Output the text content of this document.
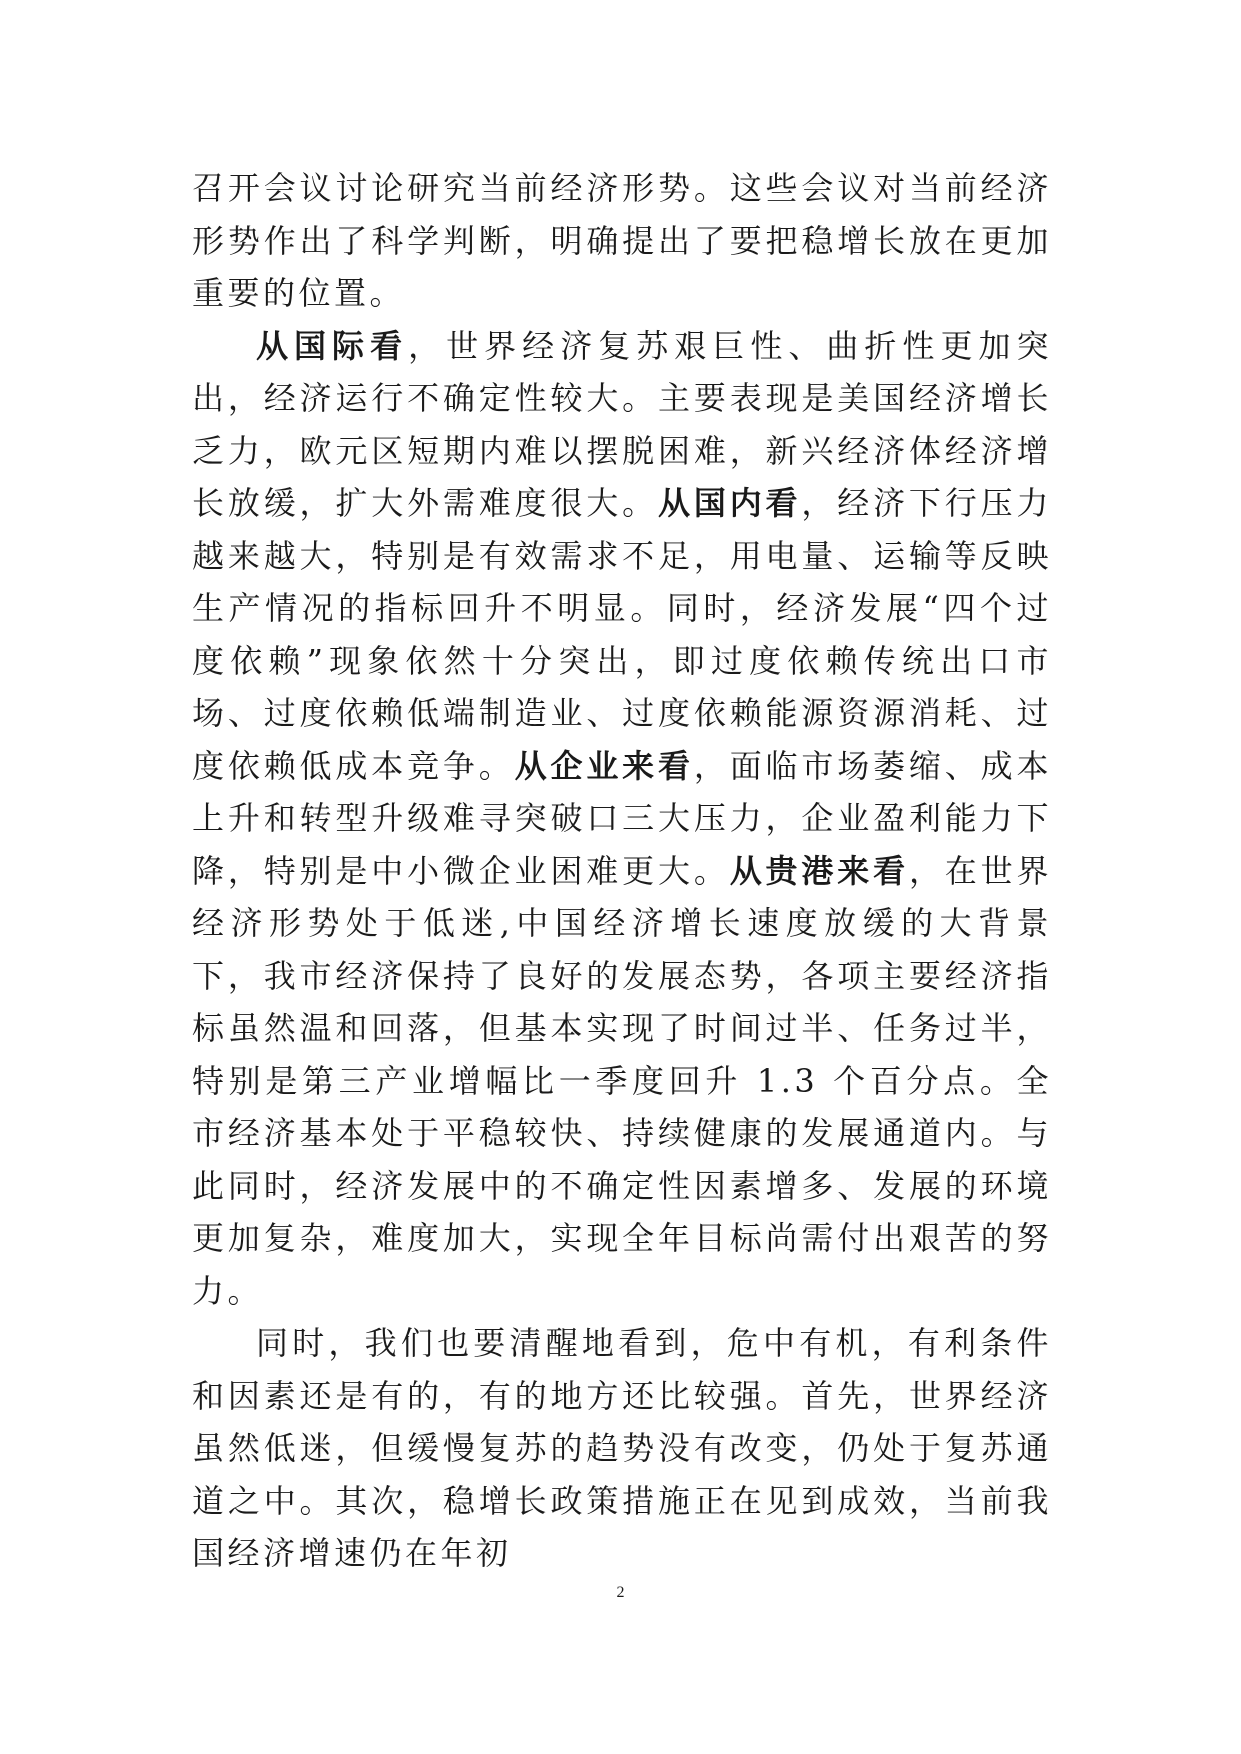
召开会议讨论研究当前经济形势。这些会议对当前经济形势作出了科学判断，明确提出了要把稳增长放在更加重要的位置。

从国际看，世界经济复苏艰巨性、曲折性更加突出，经济运行不确定性较大。主要表现是美国经济增长乏力，欧元区短期内难以摆脱困难，新兴经济体经济增长放缓，扩大外需难度很大。从国内看，经济下行压力越来越大，特别是有效需求不足，用电量、运输等反映生产情况的指标回升不明显。同时，经济发展“四个过度依赖”现象依然十分突出，即过度依赖传统出口市场、过度依赖低端制造业、过度依赖能源资源消耗、过度依赖低成本竞争。从企业来看，面临市场萎缩、成本上升和转型升级难寻突破口三大压力，企业盈利能力下降，特别是中小微企业困难更大。从贵港来看，在世界经济形势处于低迷,中国经济增长速度放缓的大背景下，我市经济保持了良好的发展态势，各项主要经济指标虽然温和回落，但基本实现了时间过半、任务过半，特别是第三产业增幅比一季度回升 1.3 个百分点。全市经济基本处于平稳较快、持续健康的发展通道内。与此同时，经济发展中的不确定性因素增多、发展的环境更加复杂，难度加大，实现全年目标尚需付出艰苦的努力。

同时，我们也要清醒地看到，危中有机，有利条件和因素还是有的，有的地方还比较强。首先，世界经济虽然低迷，但缓慢复苏的趋势没有改变，仍处于复苏通道之中。其次，稳增长政策措施正在见到成效，当前我国经济增速仍在年初

2
